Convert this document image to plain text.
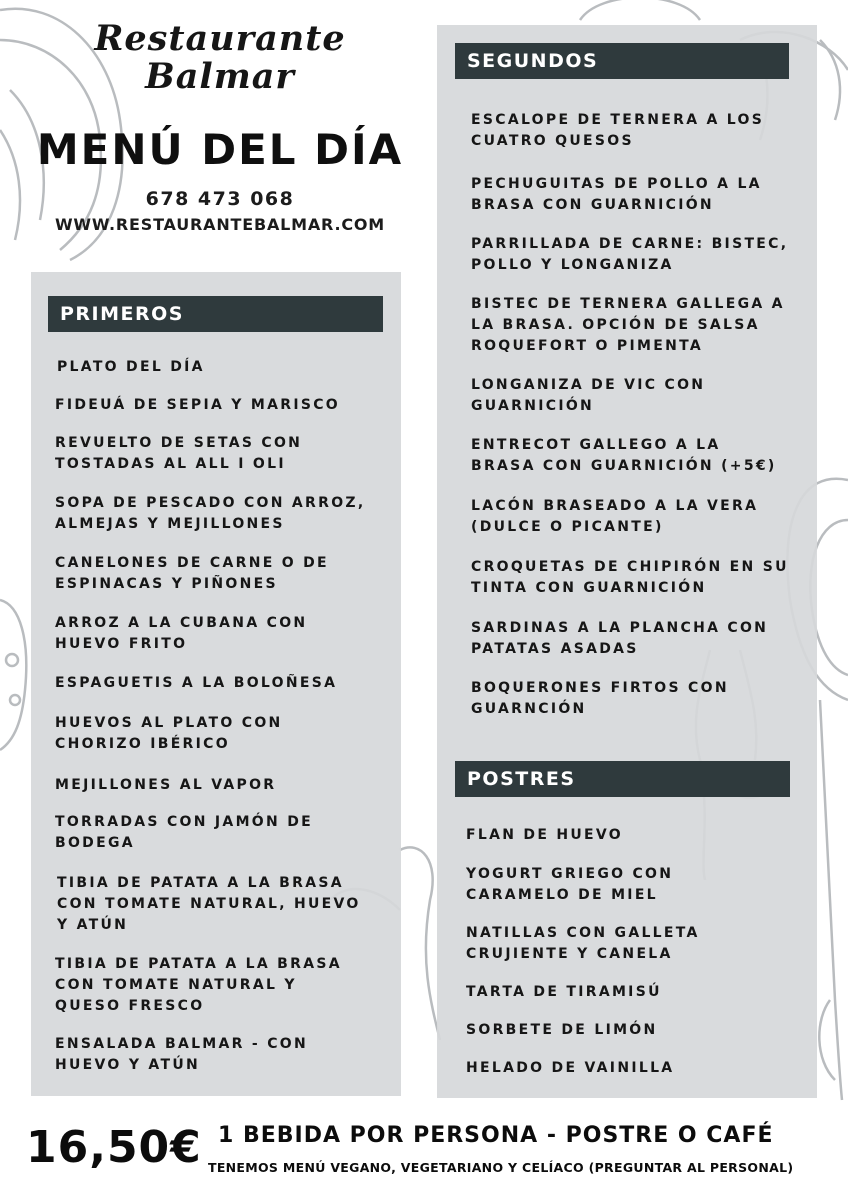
Restaurante
Balmar
MENÚ DEL DÍA
678 473 068
WWW.RESTAURANTEBALMAR.COM
PRIMEROS
SEGUNDOS
POSTRES
PLATO DEL DÍA
FIDEUÁ DE SEPIA Y MARISCO
REVUELTO DE SETAS CON
TOSTADAS AL ALL I OLI
SOPA DE PESCADO CON ARROZ,
ALMEJAS Y MEJILLONES
CANELONES DE CARNE O DE
ESPINACAS Y PIÑONES
ARROZ A LA CUBANA CON
HUEVO FRITO
ESPAGUETIS A LA BOLOÑESA
HUEVOS AL PLATO CON
CHORIZO IBÉRICO
MEJILLONES AL VAPOR
TORRADAS CON JAMÓN DE
BODEGA
TIBIA DE PATATA A LA BRASA
CON TOMATE NATURAL, HUEVO
Y ATÚN
TIBIA DE PATATA A LA BRASA
CON TOMATE NATURAL Y
QUESO FRESCO
ENSALADA BALMAR - CON
HUEVO Y ATÚN
ESCALOPE DE TERNERA A LOS
CUATRO QUESOS
PECHUGUITAS DE POLLO A LA
BRASA CON GUARNICIÓN
PARRILLADA DE CARNE: BISTEC,
POLLO Y LONGANIZA
BISTEC DE TERNERA GALLEGA A
LA BRASA. OPCIÓN DE SALSA
ROQUEFORT O PIMENTA
LONGANIZA DE VIC CON
GUARNICIÓN
ENTRECOT GALLEGO A LA
BRASA CON GUARNICIÓN (+5€)
LACÓN BRASEADO A LA VERA
(DULCE O PICANTE)
CROQUETAS DE CHIPIRÓN EN SU
TINTA CON GUARNICIÓN
SARDINAS A LA PLANCHA CON
PATATAS ASADAS
BOQUERONES FIRTOS CON
GUARNCIÓN
FLAN DE HUEVO
YOGURT GRIEGO CON
CARAMELO DE MIEL
NATILLAS CON GALLETA
CRUJIENTE Y CANELA
TARTA DE TIRAMISÚ
SORBETE DE LIMÓN
HELADO DE VAINILLA
16,50€ 1 BEBIDA POR PERSONA - POSTRE O CAFÉ
TENEMOS MENÚ VEGANO, VEGETARIANO Y CELÍACO (PREGUNTAR AL PERSONAL)
